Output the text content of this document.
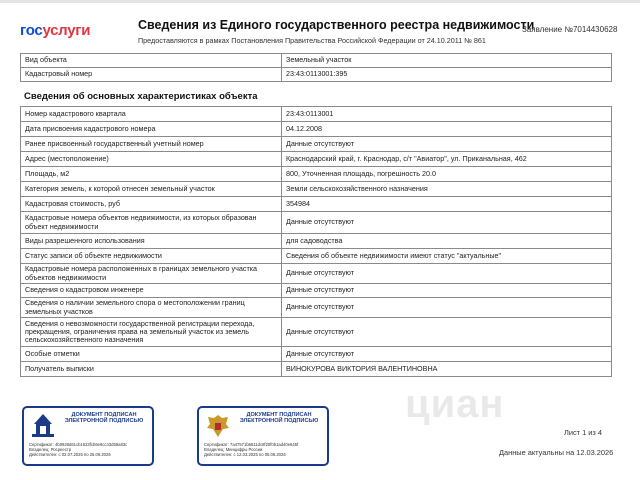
госуслуги	Сведения из Единого государственного реестра недвижимости
Предоставляются в рамках Постановления Правительства Российской Федерации от 24.10.2011 № 861
Заявление №7014430628
Вид объекта	Земельный участок
Кадастровый номер	23:43:0113001:395
Сведения об основных характеристиках объекта
Номер кадастрового квартала	23:43:0113001
Дата присвоения кадастрового номера	04.12.2008
Ранее присвоенный государственный учетный номер	Данные отсутствуют
Адрес (местоположение)	Краснодарский край, г. Краснодар, с/т "Авиатор", ул. Приканальная, 462
Площадь, м2	800, Уточненная площадь, погрешность 20.0
Категория земель, к которой отнесен земельный участок	Земли сельскохозяйственного назначения
Кадастровая стоимость, руб	354984
Кадастровые номера объектов недвижимости, из которых образован объект недвижимости	Данные отсутствуют
Виды разрешенного использования	для садоводства
Статус записи об объекте недвижимости	Сведения об объекте недвижимости имеют статус "актуальные"
Кадастровые номера расположенных в границах земельного участка объектов недвижимости	Данные отсутствуют
Сведения о кадастровом инженере	Данные отсутствуют
Сведения о наличии земельного спора о местоположении границ земельных участков	Данные отсутствуют
Сведения о невозможности государственной регистрации перехода, прекращения, ограничения права на земельный участок из земель сельскохозяйственного назначения	Данные отсутствуют
Особые отметки	Данные отсутствуют
Получатель выписки	ВИНОКУРОВА ВИКТОРИЯ ВАЛЕНТИНОВНА
циан
ДОКУМЕНТ ПОДПИСАН ЭЛЕКТРОННОЙ ПОДПИСЬЮ
Сертификат: 4b0928d61cb1623fcb6e6cc43d59a83c
Владелец: Росреестр
Действителен: с 02.07.2025 по 25.09.2026
ДОКУМЕНТ ПОДПИСАН ЭЛЕКТРОННОЙ ПОДПИСЬЮ
Сертификат: 7a47571b6811dc8f20f0b1ad40e645f
Владелец: Минцифры России
Действителен: с 12.03.2025 по 05.06.2026
Лист 1 из 4
Данные актуальны на 12.03.2026
